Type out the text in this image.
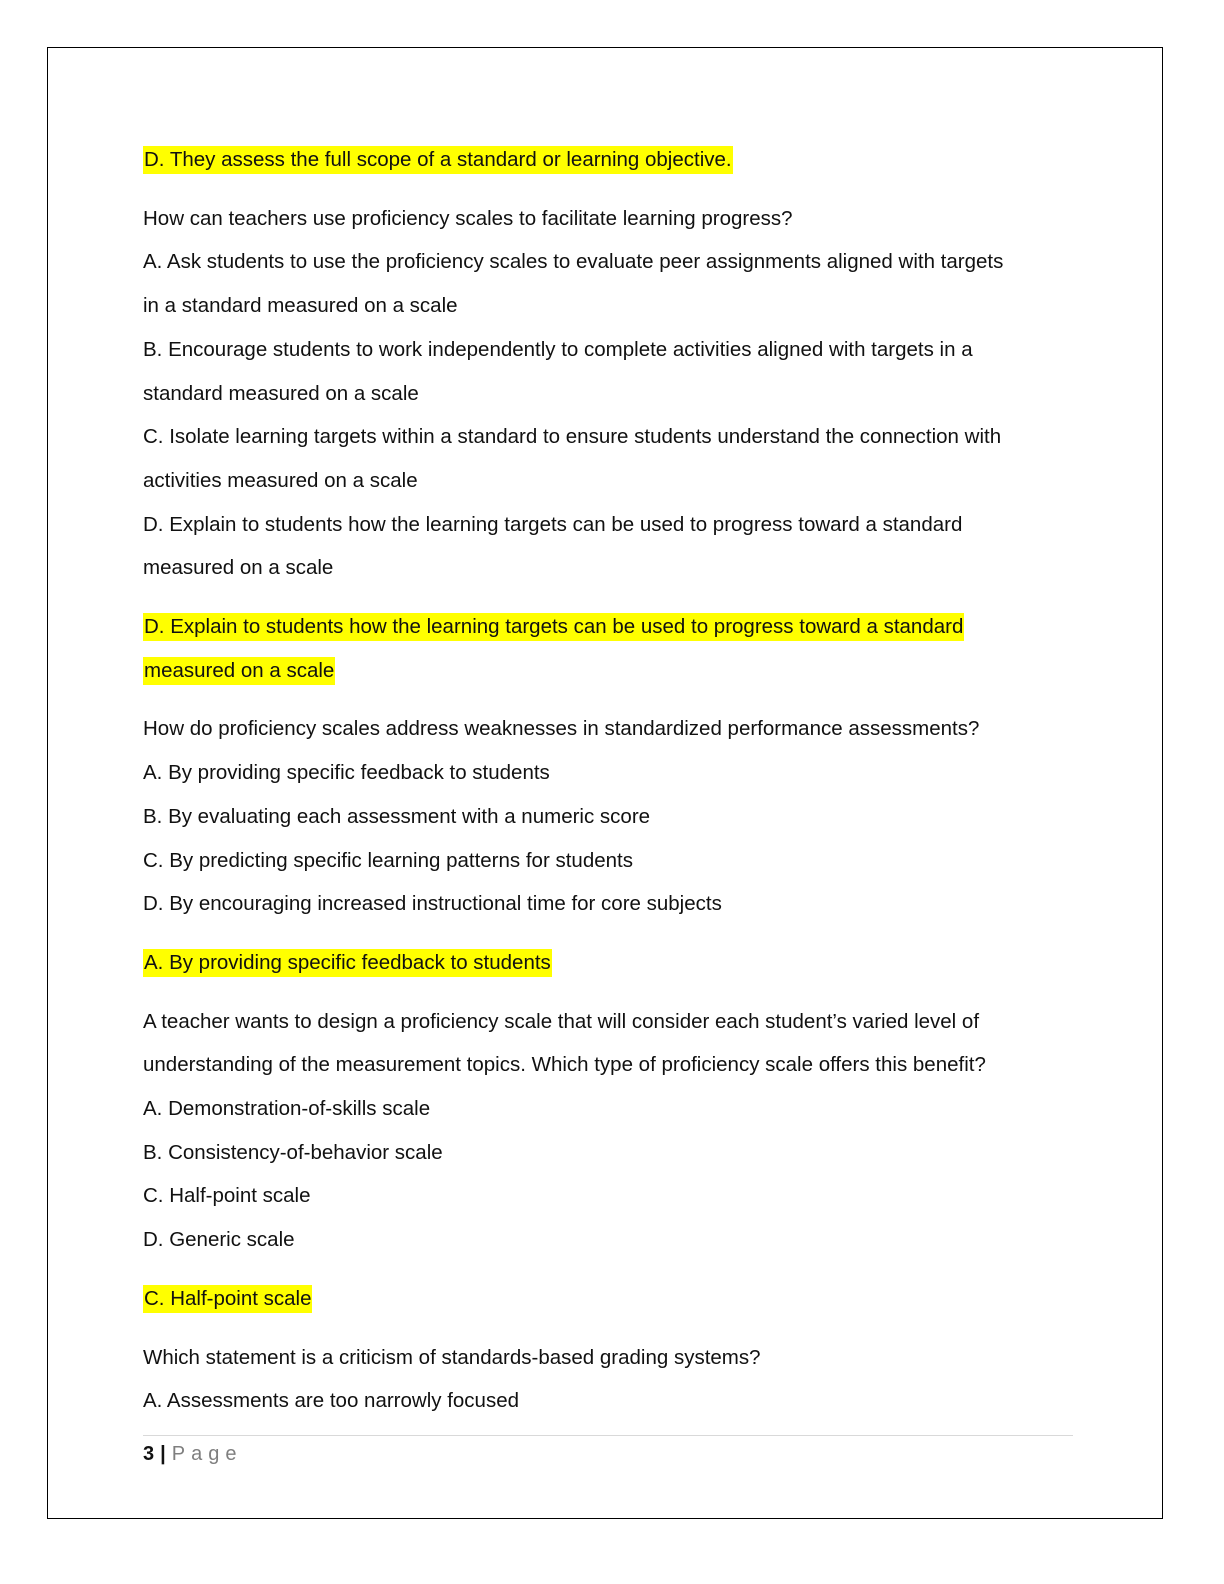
D. They assess the full scope of a standard or learning objective.

How can teachers use proficiency scales to facilitate learning progress?

A. Ask students to use the proficiency scales to evaluate peer assignments aligned with targets

in a standard measured on a scale

B. Encourage students to work independently to complete activities aligned with targets in a

standard measured on a scale

C. Isolate learning targets within a standard to ensure students understand the connection with

activities measured on a scale

D. Explain to students how the learning targets can be used to progress toward a standard

measured on a scale

D. Explain to students how the learning targets can be used to progress toward a standard

measured on a scale

How do proficiency scales address weaknesses in standardized performance assessments?

A. By providing specific feedback to students

B. By evaluating each assessment with a numeric score

C. By predicting specific learning patterns for students

D. By encouraging increased instructional time for core subjects

A. By providing specific feedback to students

A teacher wants to design a proficiency scale that will consider each student’s varied level of

understanding of the measurement topics. Which type of proficiency scale offers this benefit?

A. Demonstration-of-skills scale

B. Consistency-of-behavior scale

C. Half-point scale

D. Generic scale

C. Half-point scale

Which statement is a criticism of standards-based grading systems?

A. Assessments are too narrowly focused

3 | Page
